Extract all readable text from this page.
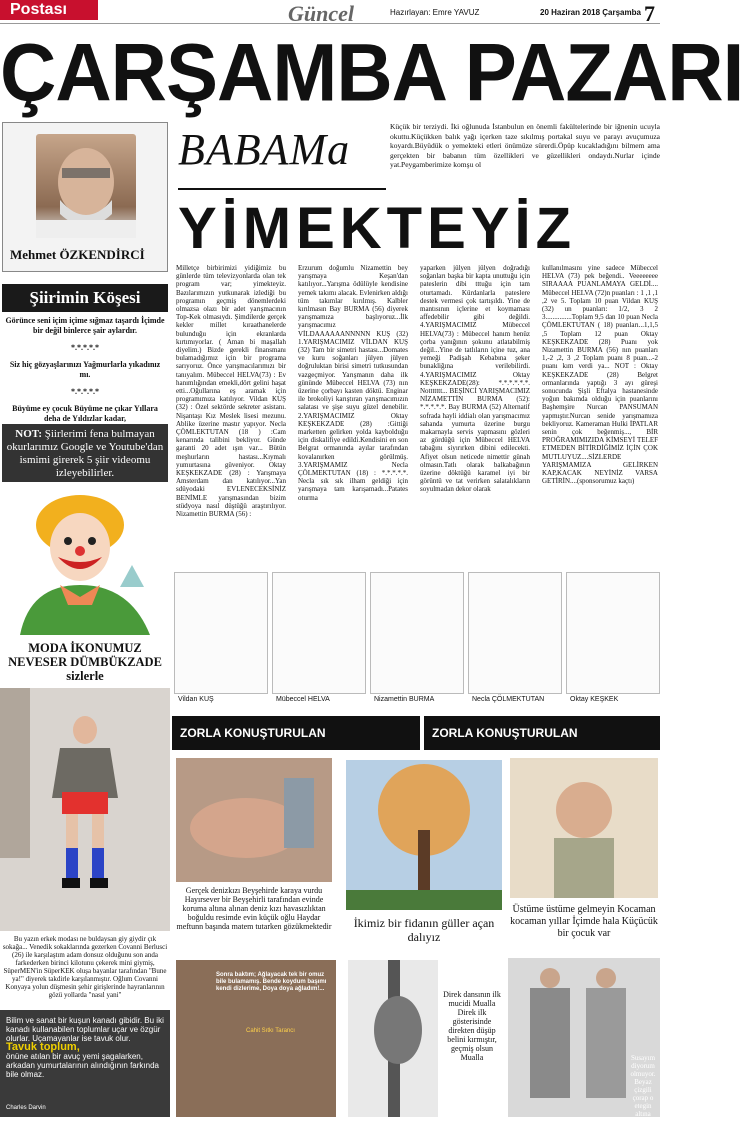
Postası	Güncel	Hazırlayan: Emre YAVUZ	20 Haziran 2018 Çarşamba 7
ÇARŞAMBA PAZARI
Mehmet ÖZKENDİRCİ
Şiirimin Köşesi

Görünce seni içim içime sığmaz taşardı İçimde bir değil binlerce şair aylardır.

*.*.*.*.*

Siz hiç gözyaşlarınızı Yağmurlarla yıkadınız mı.

*.*.*.*.*

Büyüme ey çocuk Büyüme ne çıkar Yıllara deha de Yıldızlar kadar,

NOT: Şiirlerimi fena bulmayan okurlarımız Google ve Youtube'dan ismimi girerek 5 şiir videomu izleyebilirler.
MODA İKONUMUZ NEVESER DÜMBÜKZADE sizlerle
Bu yazın erkek modası ne buldaysan giy giydir çık sokağa... Venedik sokaklarında gezerken Covanni Berlusci (26) ile karşılaştım adam donsuz olduğunu son anda farkederken birinci kilotunu çekerek mini giymiş, SüperMEN'in SüperKEK oluşa bayanlar tarafından "Bune ya!" diyerek takdirle karşılanmıştır. Oğlum Covanni Konyaya yolun düşmesin şehir girişlerinde hayranlarının gözü yollarda "nasıl yani"
Bilim ve sanat bir kuşun kanadı gibidir. Bu iki kanadı kullanabilen toplumlar uçar ve özgür olurlar. Uçamayanlar ise tavuk olur.
Tavuk toplum,
önüne atılan bir avuç yemi şagalarken, arkadan yumurtalarının alındığının farkında bile olmaz.
Charles Darvin
BABAMa	Küçük bir terziydi. İki oğlunuda İstanbulun en önemli fakültelerinde bir iğnenin ucuyla okuttu.Küçükken balık yağı içerken taze sıkılmış portakal suyu ve parayı avuçumuza koyardı.Büyüdük o yemekteki etleri önümüze sürerdi.Öpüp kucakladığını bilmem ama gerçekten bir babanın tüm özellikleri ve güzellikleri ondaydı.Nurlar içinde yat.Peygamberimize komşu ol
YİMEKTEYİZ
Milletçe birbirimizi yidiğimiz bu günlerde tüm televizyonlarda olan tek program var; yimekteyiz. Bazılarımızın yutkunarak izlediği bu programın geçmiş dönemlerdeki olmazsa olazı bir adet yarışmacının Top-Kek olmasıydı. Şimdilerde gerçek kekler millet kıraathanelerde bulunduğu için ekranlarda kırtımıyorlar. ( Aman bi maşallah diyelim.) Bizde gerekli finansmanı bulamadığımız için bir programa sarıyoruz. Önce yarışmacılarımızı bir tanıyalım. Mübeccel HELVA(73) : Ev hanımlığından emekli,dört gelini haşat etti...Oğullarına eş aramak için programımıza katılıyor. Vildan KUŞ (32) : Özel sektörde sekreter asistanı. Nişantaşı Kız Meslek lisesi mezunu. Ablike üzerine mastır yapıyor. Necla ÇÖMLEKTUTAN (18 ) :Cam kenarında talibini bekliyor. Günde garanti 20 adet ışın var... Bütün meşhurların hastası...Kıymalı yumurtasına güveniyor. Oktay KEŞKEKZADE (28) : Yarışmaya Amsterdam dan katılıyor...Yan sdüyodaki EVLENECEKSİNİZ BENİMLE yarışmasından bizim stüdyoya nasıl düştüğü araştırılıyor. Nizamettin BURMA (56) :
Erzurum doğumlu Nizamettin bey yarışmaya Keşan'dan katılıyor...Yarışma ödülüyle kendisine yemek takımı alacak. Evlenirken aldığı tüm takımlar kırılmış. Kalbler kırılmasın Bay BURMA (56) diyerek yarışmamıza başlıyoruz...İlk yarışmacımız VİLDAAAAAANNNNN KUŞ (32) 1.YARIŞMACIMIZ VİLDAN KUŞ (32) Tam bir simetri hastası...Domates ve kuru soğanları jülyen jülyen doğruluktan birisi simetri tutkusundan vazgeçmiyor. Yarışmanın daha ilk gününde Mübeccel HELVA (73) nın üzerine çorbayı kasten döktü. Enginar ile brokoliyi karıştıran yarışmacımızın salatası ve şişe suyu güzel denebilir. 2.YARIŞMACIMIZ Oktay KEŞKEKZADE (28) :Gittiği marketten gelirken yolda kaybolduğu için diskalifiye edildi.Kendisini en son Belgrat ormanında ayılar tarafından kovalanırken görülmüş. 3.YARIŞMAMIZ Necla ÇÖLMEKTUTAN (18) : *.*.*.*.*. Necla sık sık ilham geldiği için yarışmaya tam karışamadı...Patates oturma
yaparken jülyen jülyen doğradığı soğanları başka bir kapta unuttuğu için pateslerin dibi tttuğu için tam oturtamadı. Kürdanlarla pateslere destek vermesi çok tartışıldı. Yine de mantısının içlerine et koymaması affedebilir gibi değildi. 4.YARIŞMACIMIZ Mübeccel HELVA(73) : Mübeccel hanım henüz çorba yanığının şokunu atlatabilmiş değil...Yine de tatlıların içine tuz, ana yemeği Padişah Kebabına şeker bunakliğına verilebilirdi. 4.YARIŞMACIMIZ Oktay KEŞKEKZADE(28): *.*.*.*.*.*. Nottttttt... BEŞİNCİ YARIŞMACIMIZ NİZAMETTİN BURMA (52): *.*.*.*.*. Bay BURMA (52) Alternatif sofrada hayli iddialı olan yarışmacımız sahanda yumurta üzerine burgu makarnayla servis yapmasını gözleri az gördüğü için Mübeccel HELVA tabağını siyırırken dibini edilecekti. Afiyet olsun neticede nimettir günah olmasın.Tatlı olarak balkabağının üzerine döktüğü karamel iyi bir görüntü ve tat verirken salatalıkların soyulmadan dekor olarak
kullanılmasını yine sadece Mübeccel HELVA (73) pek beğendi.. Veeeeeeee SIRAAAA PUANLAMAYA GELDİ.... Mübeccel HELVA (72)n puanları : 1 ,1 ,1 ,2 ve 5. Toplam 10 puan Vildan KUŞ (32) un puanları: 1/2, 3 2 3...............Toplam 9,5 dan 10 puan Necla ÇÖMLEKTUTAN ( 18) puanları...1,1,5 ,5 Toplam 12 puan Oktay KEŞKEKZADE (28) Puanı yok Nizamettin BURMA (56) nın puanları 1,-2 ,2, 3 ,2 Toplam puanı 8 puan...-2 puanı kım verdi ya... NOT : Oktay KEŞKEKZADE (28) Belgret ormanlarında yaptığı 3 ayı güreşi sonucunda Şişli Eftalya hastanesinde yoğun bakımda olduğu için puanlarını Başhemşire Nurcan PANSUMAN yapmıştır.Nurcan senide yarışmamıza bekliyoruz. Kameraman Hulki İPATLAR senin çok beğenmiş..., BİR PROĞRAMIMIZIDA KİMSEYİ TELEF ETMEDEN BİTİRDİĞİMİZ İÇİN ÇOK MUTLUYUZ....SİZLERDE YARIŞMAMIZA GELİRKEN KAP,KACAK NEYİNİZ VARSA GETİRİN....(sponsorumuz kaçtı)
Vildan KUŞ	Mübeccel HELVA	Nizamettin BURMA	Necla ÇÖLMEKTUTAN	Oktay KEŞKEK
ZORLA KONUŞTURULAN	ZORLA KONUŞTURULAN
Gerçek denizkızı Beyşehirde karaya vurdu Hayırsever bir Beyşehirli tarafından evinde koruma altına alınan deniz kızı havasızlıktan boğuldu resimde evin küçük oğlu Haydar meftunn başında matem tutarken gözükmektedir	İkimiz bir fidanın güller açan dalıyız
Üstüme üstüme gelmeyin Kocaman kocaman yıllar İçimde hala Küçücük bir çocuk var
Sonra baktım; Ağlayacak tek bir omuz bile bulamamış. Bende koydum başımı kendi dizlerime, Doya doya ağladım!...
Cahit Sıtkı Tarancı
Direk dansının ilk mucidi Mualla Direk ilk gösterisinde direkten düşüp belini kırmıştır, geçmiş olsun Mualla	Susayım diyorum olmuyor. Beyaz çizgili çorap o etegin altına olmuş mu hiç?
